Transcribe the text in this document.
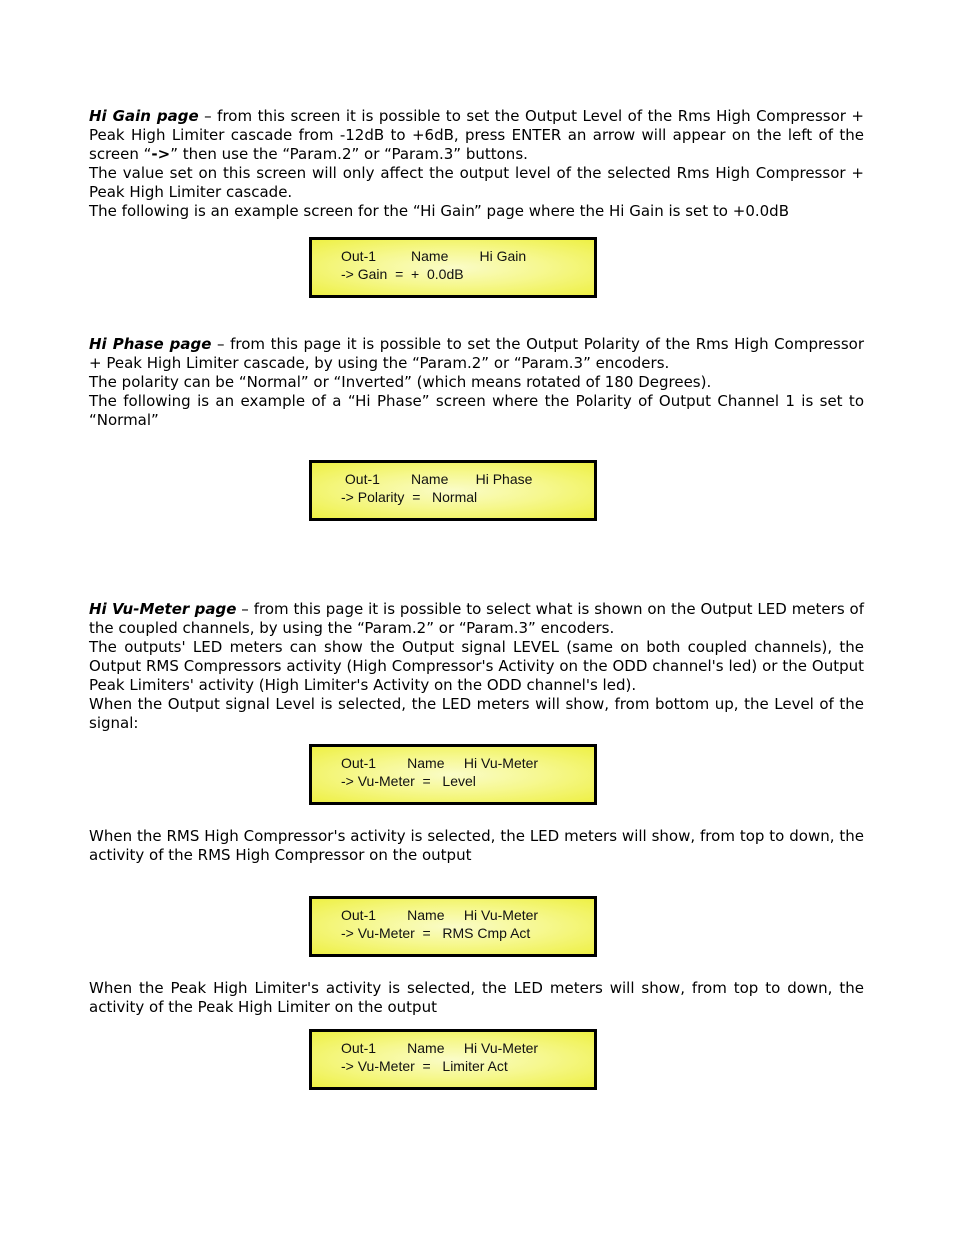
Hi Gain page – from this screen it is possible to set the Output Level of the Rms High Compressor + Peak High Limiter cascade from -12dB to +6dB, press ENTER an arrow will appear on the left of the screen “->” then use the “Param.2” or “Param.3” buttons.

The value set on this screen will only affect the output level of the selected Rms High Compressor + Peak High Limiter cascade.

The following is an example screen for the “Hi Gain” page where the Hi Gain is set to +0.0dB

Out-1         Name        Hi Gain
-> Gain  =  +  0.0dB

Hi Phase page – from this page it is possible to set the Output Polarity of the Rms High Compressor + Peak High Limiter cascade, by using the “Param.2” or “Param.3” encoders.

The polarity can be “Normal” or “Inverted” (which means rotated of 180 Degrees).

The following is an example of a “Hi Phase” screen where the Polarity of Output Channel 1 is set to “Normal”

Out-1        Name       Hi Phase
-> Polarity  =   Normal

Hi Vu-Meter page – from this page it is possible to select what is shown on the Output LED meters of the coupled channels, by using the “Param.2” or “Param.3” encoders.

The outputs' LED meters can show the Output signal LEVEL (same on both coupled channels), the Output RMS Compressors activity (High Compressor's Activity on the ODD channel's led) or the Output Peak Limiters' activity (High Limiter's Activity on the ODD channel's led).

When the Output signal Level is selected, the LED meters will show, from bottom up, the Level of the signal:

Out-1        Name     Hi Vu-Meter
-> Vu-Meter  =   Level

When the RMS High Compressor's activity is selected, the LED meters will show, from top to down, the activity of the RMS High Compressor on the output

Out-1        Name     Hi Vu-Meter
-> Vu-Meter  =   RMS Cmp Act

When the Peak High Limiter's activity is selected, the LED meters will show, from top to down, the activity of the Peak High Limiter on the output

Out-1        Name     Hi Vu-Meter
-> Vu-Meter  =   Limiter Act
